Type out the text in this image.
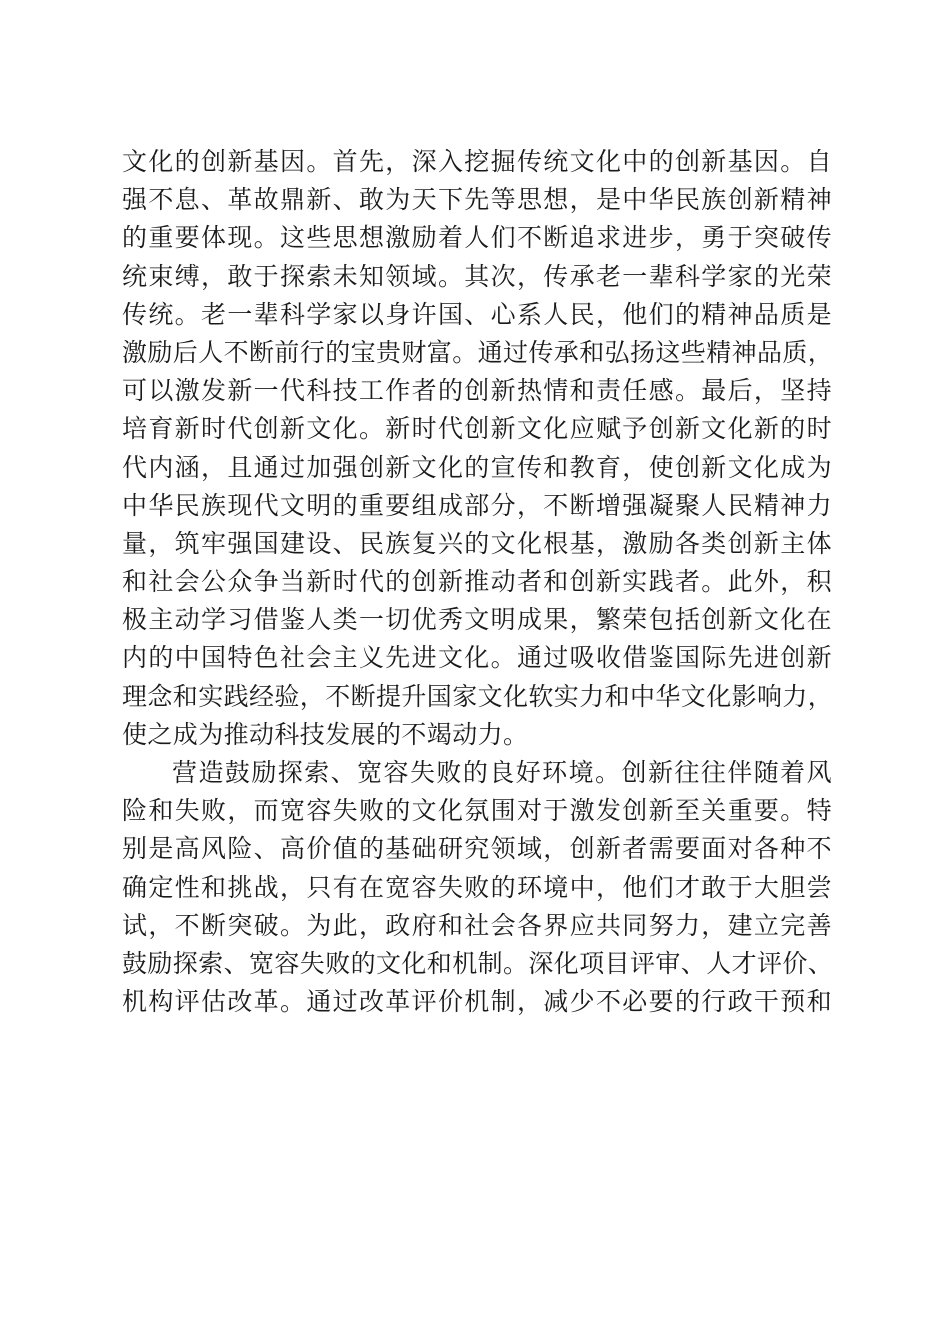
文化的创新基因。首先，深入挖掘传统文化中的创新基因。自
强不息、革故鼎新、敢为天下先等思想，是中华民族创新精神
的重要体现。这些思想激励着人们不断追求进步，勇于突破传
统束缚，敢于探索未知领域。其次，传承老一辈科学家的光荣
传统。老一辈科学家以身许国、心系人民，他们的精神品质是
激励后人不断前行的宝贵财富。通过传承和弘扬这些精神品质，
可以激发新一代科技工作者的创新热情和责任感。最后，坚持
培育新时代创新文化。新时代创新文化应赋予创新文化新的时
代内涵，且通过加强创新文化的宣传和教育，使创新文化成为
中华民族现代文明的重要组成部分，不断增强凝聚人民精神力
量，筑牢强国建设、民族复兴的文化根基，激励各类创新主体
和社会公众争当新时代的创新推动者和创新实践者。此外，积
极主动学习借鉴人类一切优秀文明成果，繁荣包括创新文化在
内的中国特色社会主义先进文化。通过吸收借鉴国际先进创新
理念和实践经验，不断提升国家文化软实力和中华文化影响力，
使之成为推动科技发展的不竭动力。
营造鼓励探索、宽容失败的良好环境。创新往往伴随着风
险和失败，而宽容失败的文化氛围对于激发创新至关重要。特
别是高风险、高价值的基础研究领域，创新者需要面对各种不
确定性和挑战，只有在宽容失败的环境中，他们才敢于大胆尝
试，不断突破。为此，政府和社会各界应共同努力，建立完善
鼓励探索、宽容失败的文化和机制。深化项目评审、人才评价、
机构评估改革。通过改革评价机制，减少不必要的行政干预和
